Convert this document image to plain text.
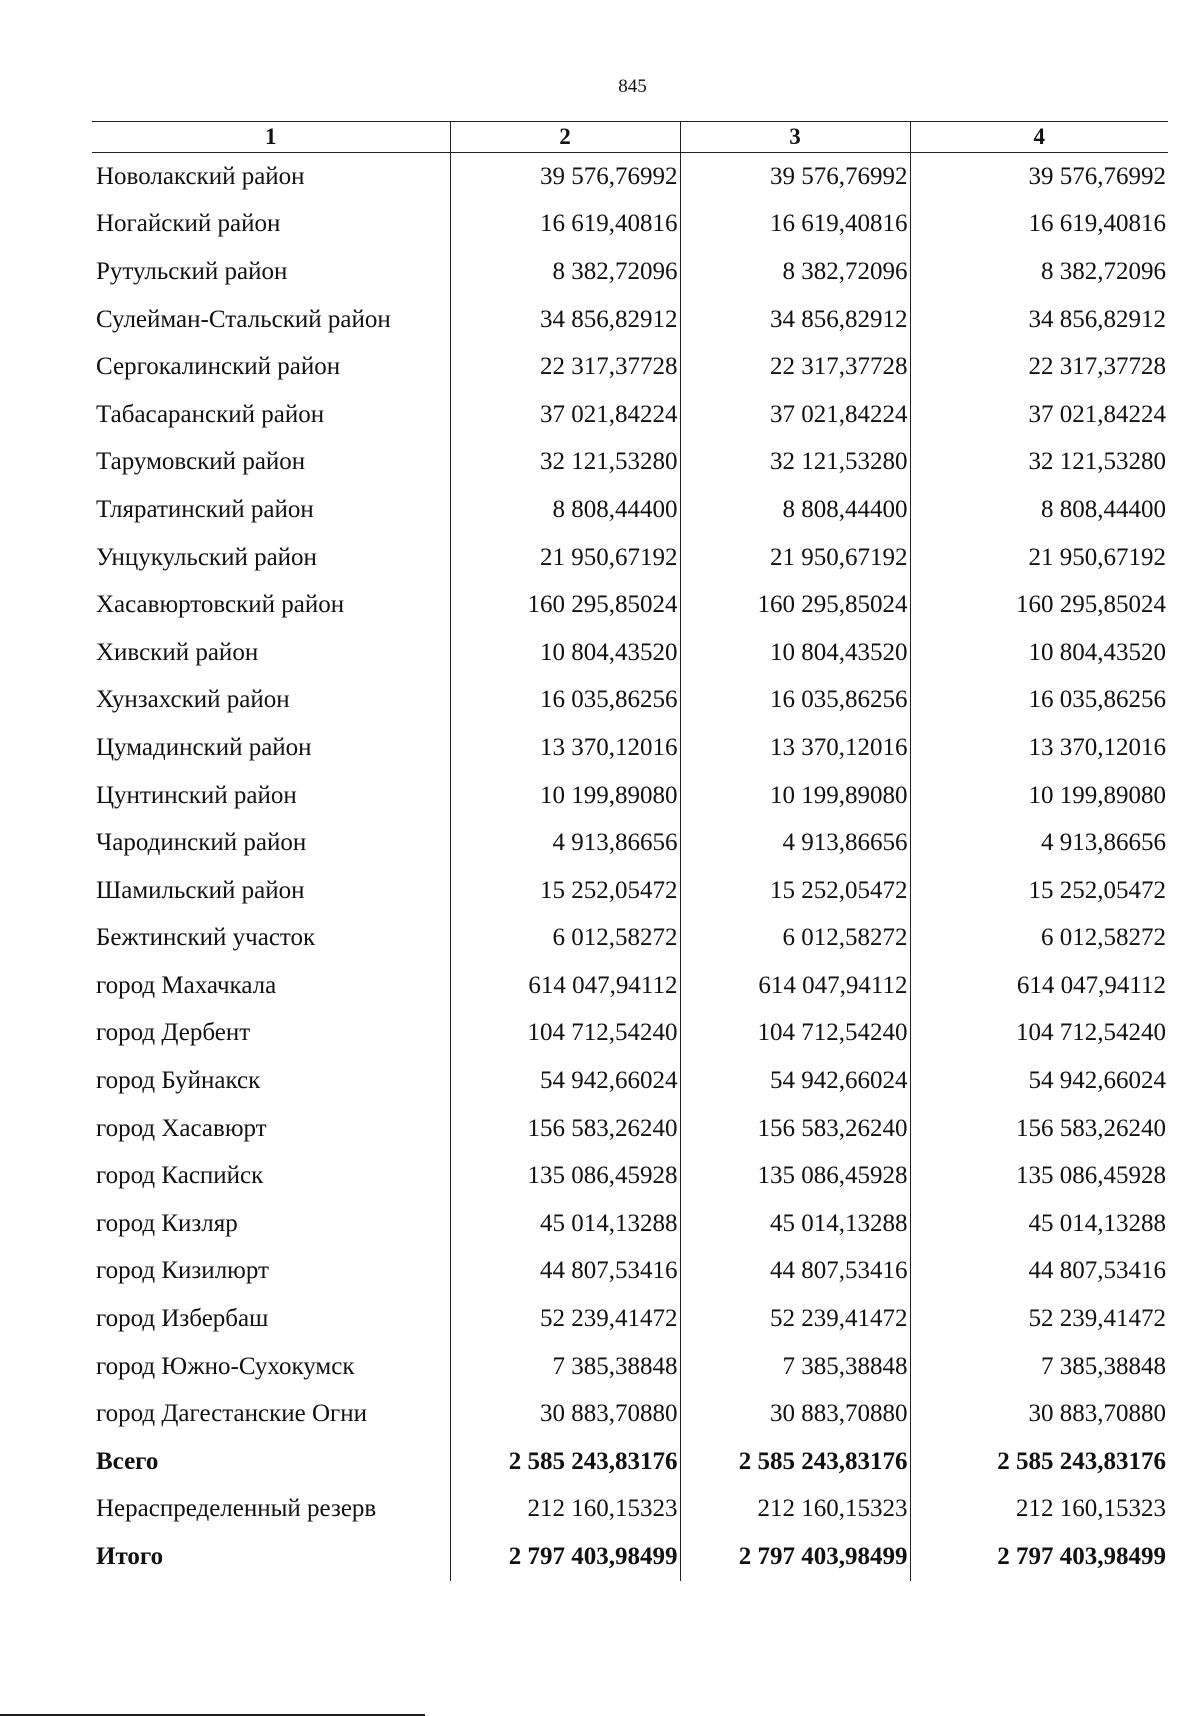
845
1	2	3	4
Новолакский район	39 576,76992	39 576,76992	39 576,76992
Ногайский район	16 619,40816	16 619,40816	16 619,40816
Рутульский район	8 382,72096	8 382,72096	8 382,72096
Сулейман-Стальский район	34 856,82912	34 856,82912	34 856,82912
Сергокалинский район	22 317,37728	22 317,37728	22 317,37728
Табасаранский район	37 021,84224	37 021,84224	37 021,84224
Тарумовский район	32 121,53280	32 121,53280	32 121,53280
Тляратинский район	8 808,44400	8 808,44400	8 808,44400
Унцукульский район	21 950,67192	21 950,67192	21 950,67192
Хасавюртовский район	160 295,85024	160 295,85024	160 295,85024
Хивский район	10 804,43520	10 804,43520	10 804,43520
Хунзахский район	16 035,86256	16 035,86256	16 035,86256
Цумадинский район	13 370,12016	13 370,12016	13 370,12016
Цунтинский район	10 199,89080	10 199,89080	10 199,89080
Чародинский район	4 913,86656	4 913,86656	4 913,86656
Шамильский район	15 252,05472	15 252,05472	15 252,05472
Бежтинский участок	6 012,58272	6 012,58272	6 012,58272
город Махачкала	614 047,94112	614 047,94112	614 047,94112
город Дербент	104 712,54240	104 712,54240	104 712,54240
город Буйнакск	54 942,66024	54 942,66024	54 942,66024
город Хасавюрт	156 583,26240	156 583,26240	156 583,26240
город Каспийск	135 086,45928	135 086,45928	135 086,45928
город Кизляр	45 014,13288	45 014,13288	45 014,13288
город Кизилюрт	44 807,53416	44 807,53416	44 807,53416
город Избербаш	52 239,41472	52 239,41472	52 239,41472
город Южно-Сухокумск	7 385,38848	7 385,38848	7 385,38848
город Дагестанские Огни	30 883,70880	30 883,70880	30 883,70880
Всего	2 585 243,83176	2 585 243,83176	2 585 243,83176
Нераспределенный резерв	212 160,15323	212 160,15323	212 160,15323
Итого	2 797 403,98499	2 797 403,98499	2 797 403,98499
